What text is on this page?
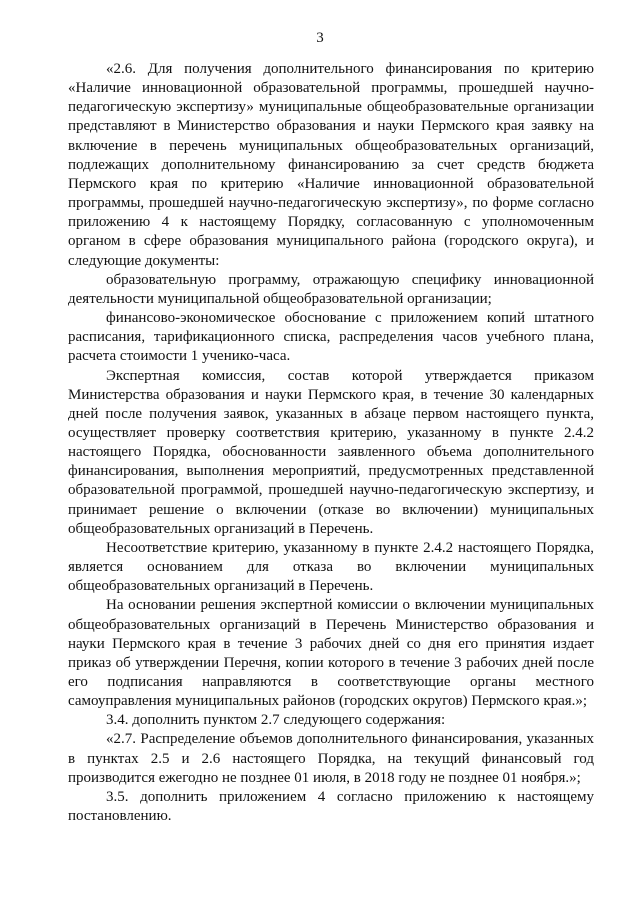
3

«2.6. Для получения дополнительного финансирования по критерию «Наличие инновационной образовательной программы, прошедшей научно-педагогическую экспертизу» муниципальные общеобразовательные организации представляют в Министерство образования и науки Пермского края заявку на включение в перечень муниципальных общеобразовательных организаций, подлежащих дополнительному финансированию за счет средств бюджета Пермского края по критерию «Наличие инновационной образовательной программы, прошедшей научно-педагогическую экспертизу», по форме согласно приложению 4 к настоящему Порядку, согласованную с уполномоченным органом в сфере образования муниципального района (городского округа), и следующие документы:

образовательную программу, отражающую специфику инновационной деятельности муниципальной общеобразовательной организации;

финансово-экономическое обоснование с приложением копий штатного расписания, тарификационного списка, распределения часов учебного плана, расчета стоимости 1 ученико-часа.

Экспертная комиссия, состав которой утверждается приказом Министерства образования и науки Пермского края, в течение 30 календарных дней после получения заявок, указанных в абзаце первом настоящего пункта, осуществляет проверку соответствия критерию, указанному в пункте 2.4.2 настоящего Порядка, обоснованности заявленного объема дополнительного финансирования, выполнения мероприятий, предусмотренных представленной образовательной программой, прошедшей научно-педагогическую экспертизу, и принимает решение о включении (отказе во включении) муниципальных общеобразовательных организаций в Перечень.

Несоответствие критерию, указанному в пункте 2.4.2 настоящего Порядка, является основанием для отказа во включении муниципальных общеобразовательных организаций в Перечень.

На основании решения экспертной комиссии о включении муниципальных общеобразовательных организаций в Перечень Министерство образования и науки Пермского края в течение 3 рабочих дней со дня его принятия издает приказ об утверждении Перечня, копии которого в течение 3 рабочих дней после его подписания направляются в соответствующие органы местного самоуправления муниципальных районов (городских округов) Пермского края.»;

3.4. дополнить пунктом 2.7 следующего содержания:

«2.7. Распределение объемов дополнительного финансирования, указанных в пунктах 2.5 и 2.6 настоящего Порядка, на текущий финансовый год производится ежегодно не позднее 01 июля, в 2018 году не позднее 01 ноября.»;

3.5. дополнить приложением 4 согласно приложению к настоящему постановлению.
